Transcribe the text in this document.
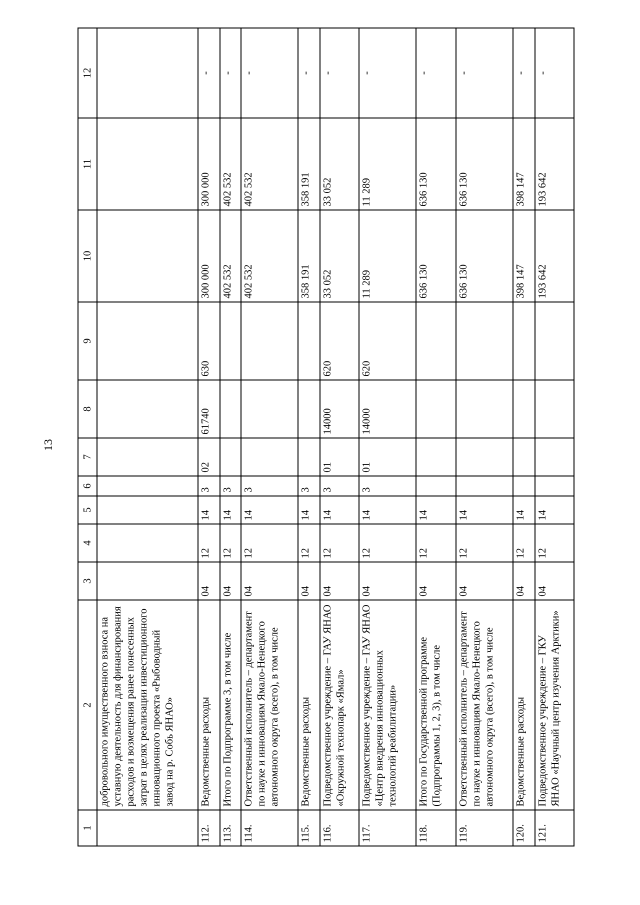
13
1	2	3	4	5	6	7	8	9	10	11	12
	добровольного имущественного взноса на уставную деятельность для финансирования расходов и возмещения ранее понесенных затрат в целях реализации инвестиционного инновационного проекта «Рыбоводный завод на р. Собь ЯНАО»										
112.	Ведомственные расходы	04	12	14	3	02	61740	630	300 000	300 000	-
113.	Итого по Подпрограмме 3, в том числе	04	12	14	3				402 532	402 532	-
114.	Ответственный исполнитель – департамент по науке и инновациям Ямало-Ненецкого автономного округа (всего), в том числе	04	12	14	3				402 532	402 532	-
115.	Ведомственные расходы	04	12	14	3				358 191	358 191	-
116.	Подведомственное учреждение – ГАУ ЯНАО «Окружной технопарк «Ямал»	04	12	14	3	01	14000	620	33 052	33 052	-
117.	Подведомственное учреждение – ГАУ ЯНАО «Центр внедрения инновационных технологий реабилитации»	04	12	14	3	01	14000	620	11 289	11 289	-
118.	Итого по Государственной программе (Подпрограммы 1, 2, 3), в том числе	04	12	14					636 130	636 130	-
119.	Ответственный исполнитель – департамент по науке и инновациям Ямало-Ненецкого автономного округа (всего), в том числе	04	12	14					636 130	636 130	-
120.	Ведомственные расходы	04	12	14					398 147	398 147	-
121.	Подведомственное учреждение – ГКУ ЯНАО «Научный центр изучения Арктики»	04	12	14					193 642	193 642	-
